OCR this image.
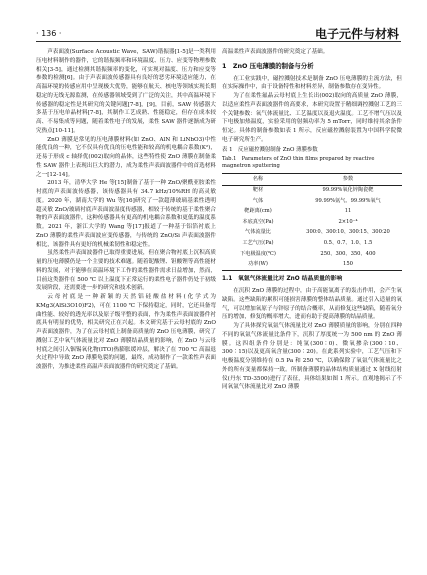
· 136 ·	电子元件与材料

声表面波(Surface Acoustic Wave，SAW)谐振器[1-5]是一类利用压电材料制作的器件，它的谐振频率和环境温度、压力、应变等物理参数相关[3-5]，通过检测其谐振频率的变化，可实现对温度、压力和应变等参数的检测[6]。由于声表面波传感器具有良好的恶劣环境适应能力，在高温环境的传感应用中呈现极大优势，能够在航天、核电等领域实现长期稳定的无线无源监测，在传感器领域受到了广泛的关注，其中高温环境下传感器的稳定性是其研究的关键问题[7-8]，[9]，目前，SAW 传感器大多基于压电单晶材料[7-8]，其制作工艺成熟、性能稳定，但存在成本较高、不易集成等问题，随着柔性电子的发展，柔性 SAW 器件逐渐成为研究热点[10-11]。

ZnO 薄膜是常见的压电薄膜材料(如 ZnO、AlN 和 LiNbO3)中性能优良的一种，它不仅具有优良的压电性能和较高的机电耦合系数(K²)，还易于形成 c 轴择优(002)取向的晶体，这些特性使 ZnO 薄膜在制备柔性 SAW 器件上表现出巨大的潜力，成为柔性声表面波器件中的首选材料之一[12-14]。

2013 年，清华大学 He 等[15]制备了基于一种 ZnO/聚酰亚胺柔性衬底的声表面波传感器，该传感器具有 34.7 kHz/10%RH 的高灵敏度。2020 年，湖南大学的 Wu 等[16]研究了一款超薄玻璃基柔性透明超灵敏 ZnO/玻璃衬底声表面波湿度传感器，相较于传统的基于柔性聚合物的声表面波器件，这种传感器具有更高的机电耦合系数和更低的温度系数。2021 年，浙江大学的 Wang 等[17]报道了一种基于铝箔衬底上 ZnO 薄膜的柔性声表面波应变传感器，与传统的 ZnO/Si 声表面波器件相比，该器件具有更好的机械柔韧性和稳定性。

虽然柔性声表面波器件已取得重要进展，但在聚合物衬底上沉积高质量的压电薄膜仍是一个主要的技术难题。随着铌酸锂、钽酸锂等高性能材料的发展，对于能够在高温环境下工作的柔性器件需求日益增加，然而，目前这类器件在 500 ℃ 以上温度下正常运行的柔性电子器件仍处于初级发展阶段，还需要进一步的研究和技术创新。

云母衬底是一种新颖的天然铝硅酸盐材料(化学式为 KMg3(AlSi3O10)F2)，可在 1100 ℃ 下保持稳定，同时，它还具备弯曲性能、较好的透光率以及原子级平整的表面，作为柔性声表面波器件衬底具有明显的优势，相关研究正在兴起。本文研究基于云母衬底的 ZnO 声表面波器件，为了在云母衬底上制备高质量的 ZnO 压电薄膜，研究了溅射工艺中氧气体流量比对 ZnO 薄膜结晶质量的影响，在 ZnO 与云母衬底之间引入铟锡氧化物(ITO)热膨胀缓冲层，解决了在 700 ℃ 高温退火过程中导致 ZnO 薄膜龟裂的问题，最终，成功制作了一款柔性声表面波器件，为推进柔性高温声表面波器件的研究奠定了基础。

高温柔性声表面波器件的研究奠定了基础。

1　ZnO 压电薄膜的制备与分析

在工业实践中，磁控溅射技术是制备 ZnO 压电薄膜的主流方法，但在实际操作中，由于设备特性和材料差异，制备参数存在变异性。

为了在柔性氟晶云母衬底上生长出(002)取向的高质量 ZnO 薄膜，以适应柔性声表面波器件的高要求，本研究设置于精细调控溅射工艺的三个关键参数：氧气体流量比、工艺温度以及退火温度。工艺不增气压以及下电极加热温度，实验采用的射频功率为 5 mTorr，同时维持其余条件恒定。具体的制备参数如表 1 所示，反应磁控溅射装置为中国科学院微电子研究所生产。

表 1　反应磁控溅射制备 ZnO 薄膜参数
Tab.1　Parameters of ZnO thin films prepared by reactive magnetron sputtering
名称	参数
靶材	99.99%氧化锌陶瓷靶
气体	99.99%氩气、99.99%氧气
靶距离(cm)	11
本底真空(Pa)	2×10⁻⁴
气体流量比	300∶0、300∶10、300∶15、300∶20
工艺气压(Pa)	0.5、0.7、1.0、1.5
下电极温度(℃)	250、300、350、400
功率(W)	150
1.1　氧氩气体流量比对 ZnO 结晶质量的影响

在沉积 ZnO 薄膜的过程中，由于高能氩离子的轰击作用，会产生氧缺陷。这些缺陷的累积可能损害薄膜的整体结晶质量。通过引入适量的氧气，可以增加氧原子与锌原子的结合概率，从而修复这些缺陷，随着氧分压的增加，修复的概率增大，进而有助于提高薄膜的结晶质量。

为了具体探究氧氩气体流量比对 ZnO 薄膜质量的影响，分别在四种不同的氧氩气体流量比条件下，沉积了厚度统一为 500 nm 的 ZnO 薄膜。这四组条件分别是：纯氩(300∶0)、微氧掺杂(300∶10、300∶15)以及更高氧含量(300∶20)。在此系列实验中，工艺气压和下电极温度分别维持在 0.5 Pa 和 250 ℃，以确保除了氧氩气体流量比之外的所有变量都保持一致。所制备薄膜的晶体结构质量通过 X 射线衍射仪(丹东 TD-3500)进行了表征，具体结果如图 1 所示。直观地揭示了不同氧氩气体流量比对 ZnO 薄膜
